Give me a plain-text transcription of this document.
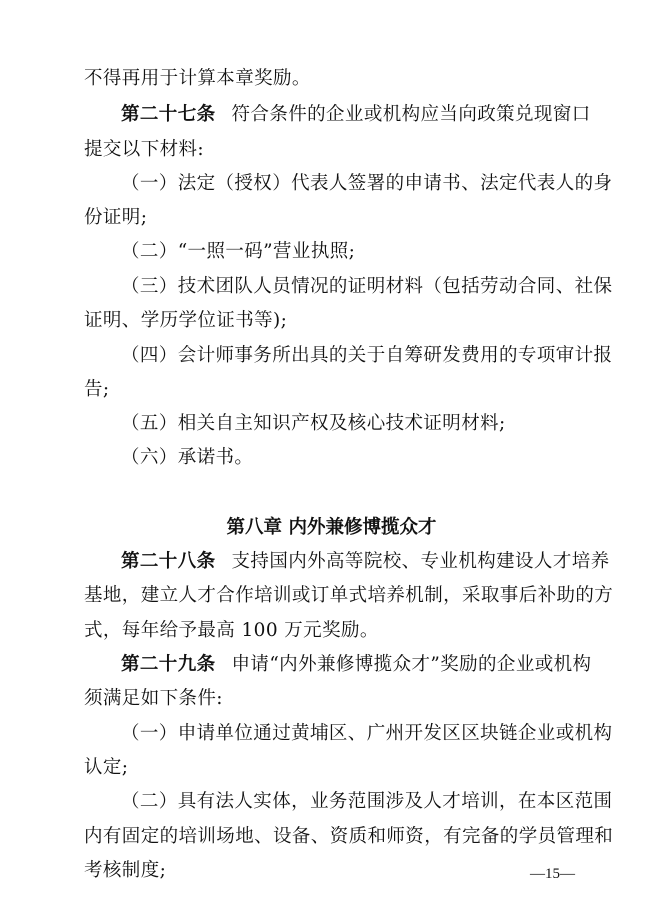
不得再用于计算本章奖励。
第二十七条 符合条件的企业或机构应当向政策兑现窗口
提交以下材料:
（一）法定（授权）代表人签署的申请书、法定代表人的身
份证明;
（二）“一照一码”营业执照;
（三）技术团队人员情况的证明材料（包括劳动合同、社保
证明、学历学位证书等);
（四）会计师事务所出具的关于自筹研发费用的专项审计报
告;
（五）相关自主知识产权及核心技术证明材料;
（六）承诺书。
第八章 内外兼修博揽众才
第二十八条 支持国内外高等院校、专业机构建设人才培养
基地，建立人才合作培训或订单式培养机制，采取事后补助的方
式，每年给予最高 100 万元奖励。
第二十九条 申请“内外兼修博揽众才”奖励的企业或机构
须满足如下条件:
（一）申请单位通过黄埔区、广州开发区区块链企业或机构
认定;
（二）具有法人实体，业务范围涉及人才培训，在本区范围
内有固定的培训场地、设备、资质和师资，有完备的学员管理和
考核制度;	—15—
